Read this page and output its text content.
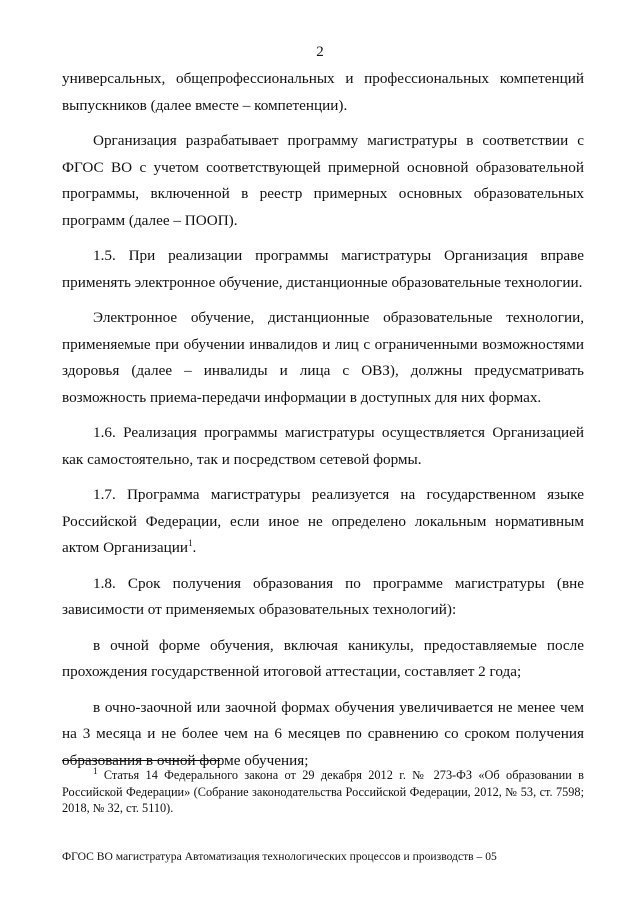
2

универсальных, общепрофессиональных и профессиональных компетенций выпускников (далее вместе – компетенции).

Организация разрабатывает программу магистратуры в соответствии с ФГОС ВО с учетом соответствующей примерной основной образовательной программы, включенной в реестр примерных основных образовательных программ (далее – ПООП).

1.5. При реализации программы магистратуры Организация вправе применять электронное обучение, дистанционные образовательные технологии.

Электронное обучение, дистанционные образовательные технологии, применяемые при обучении инвалидов и лиц с ограниченными возможностями здоровья (далее – инвалиды и лица с ОВЗ), должны предусматривать возможность приема-передачи информации в доступных для них формах.

1.6. Реализация программы магистратуры осуществляется Организацией как самостоятельно, так и посредством сетевой формы.

1.7. Программа магистратуры реализуется на государственном языке Российской Федерации, если иное не определено локальным нормативным актом Организации$^1$.

1.8. Срок получения образования по программе магистратуры (вне зависимости от применяемых образовательных технологий):

в очной форме обучения, включая каникулы, предоставляемые после прохождения государственной итоговой аттестации, составляет 2 года;

в очно-заочной или заочной формах обучения увеличивается не менее чем на 3 месяца и не более чем на 6 месяцев по сравнению со сроком получения образования в очной форме обучения;

$^1$ Статья 14 Федерального закона от 29 декабря 2012 г. № 273-ФЗ «Об образовании в Российской Федерации» (Собрание законодательства Российской Федерации, 2012, № 53, ст. 7598; 2018, № 32, ст. 5110).

ФГОС ВО магистратура Автоматизация технологических процессов и производств – 05
